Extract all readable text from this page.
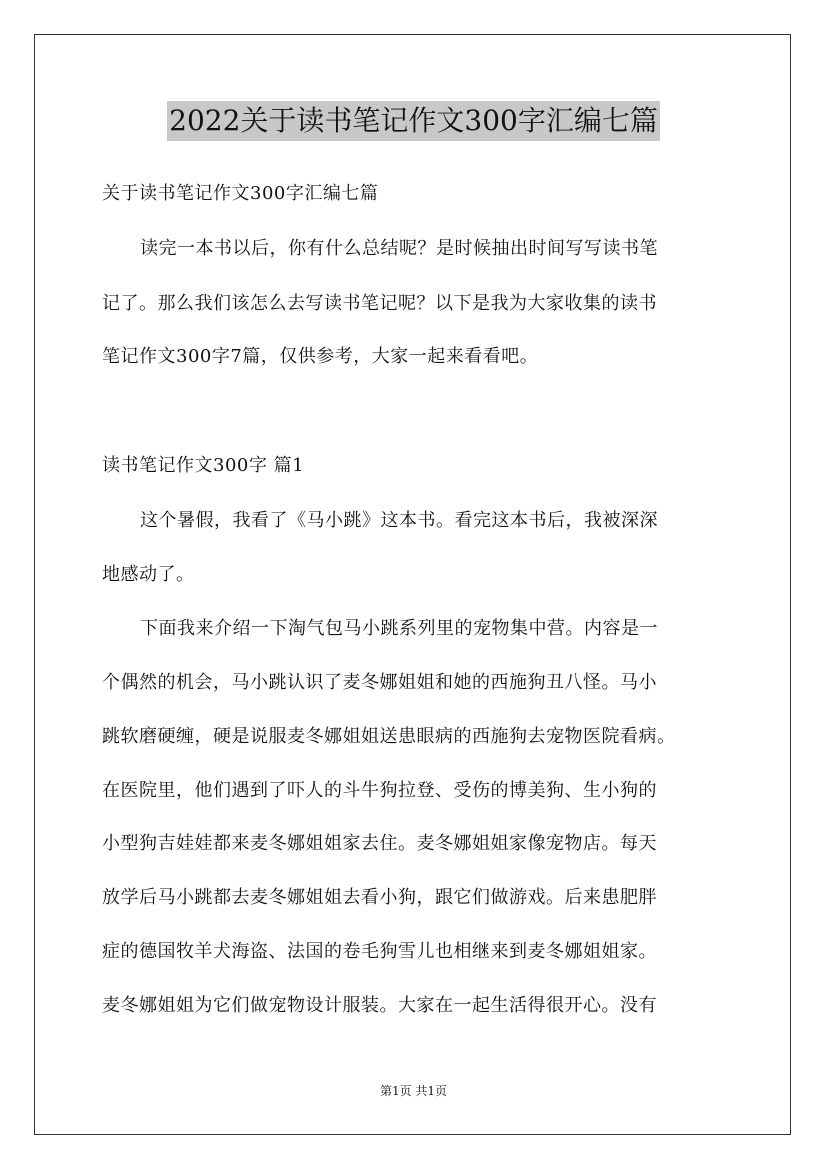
2022关于读书笔记作文300字汇编七篇
关于读书笔记作文300字汇编七篇
读完一本书以后，你有什么总结呢？是时候抽出时间写写读书笔
记了。那么我们该怎么去写读书笔记呢？以下是我为大家收集的读书
笔记作文300字7篇，仅供参考，大家一起来看看吧。
读书笔记作文300字 篇1
这个暑假，我看了《马小跳》这本书。看完这本书后，我被深深
地感动了。
下面我来介绍一下淘气包马小跳系列里的宠物集中营。内容是一
个偶然的机会，马小跳认识了麦冬娜姐姐和她的西施狗丑八怪。马小
跳软磨硬缠，硬是说服麦冬娜姐姐送患眼病的西施狗去宠物医院看病。
在医院里，他们遇到了吓人的斗牛狗拉登、受伤的博美狗、生小狗的
小型狗吉娃娃都来麦冬娜姐姐家去住。麦冬娜姐姐家像宠物店。每天
放学后马小跳都去麦冬娜姐姐去看小狗，跟它们做游戏。后来患肥胖
症的德国牧羊犬海盗、法国的卷毛狗雪儿也相继来到麦冬娜姐姐家。
麦冬娜姐姐为它们做宠物设计服装。大家在一起生活得很开心。没有
第1页 共1页
